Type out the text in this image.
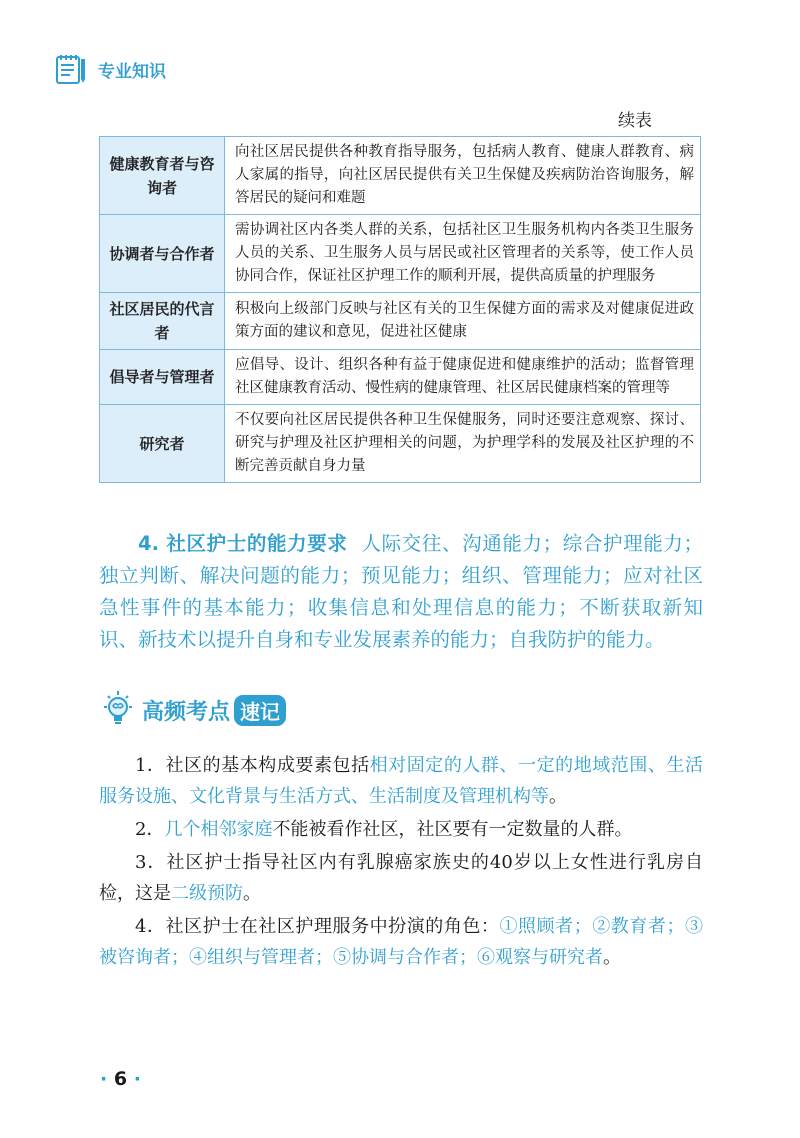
专业知识
续表
健康教育者与咨询者	向社区居民提供各种教育指导服务，包括病人教育、健康人群教育、病人家属的指导，向社区居民提供有关卫生保健及疾病防治咨询服务，解答居民的疑问和难题
协调者与合作者	需协调社区内各类人群的关系，包括社区卫生服务机构内各类卫生服务人员的关系、卫生服务人员与居民或社区管理者的关系等，使工作人员协同合作，保证社区护理工作的顺利开展，提供高质量的护理服务
社区居民的代言者	积极向上级部门反映与社区有关的卫生保健方面的需求及对健康促进政策方面的建议和意见，促进社区健康
倡导者与管理者	应倡导、设计、组织各种有益于健康促进和健康维护的活动；监督管理社区健康教育活动、慢性病的健康管理、社区居民健康档案的管理等
研究者	不仅要向社区居民提供各种卫生保健服务，同时还要注意观察、探讨、研究与护理及社区护理相关的问题，为护理学科的发展及社区护理的不断完善贡献自身力量
4. 社区护士的能力要求 人际交往、沟通能力；综合护理能力；独立判断、解决问题的能力；预见能力；组织、管理能力；应对社区急性事件的基本能力；收集信息和处理信息的能力；不断获取新知识、新技术以提升自身和专业发展素养的能力；自我防护的能力。
高频考点 速记

1．社区的基本构成要素包括相对固定的人群、一定的地域范围、生活服务设施、文化背景与生活方式、生活制度及管理机构等。

2．几个相邻家庭不能被看作社区，社区要有一定数量的人群。

3．社区护士指导社区内有乳腺癌家族史的40岁以上女性进行乳房自检，这是二级预防。

4．社区护士在社区护理服务中扮演的角色：①照顾者；②教育者；③被咨询者；④组织与管理者；⑤协调与合作者；⑥观察与研究者。

· 6 ·
